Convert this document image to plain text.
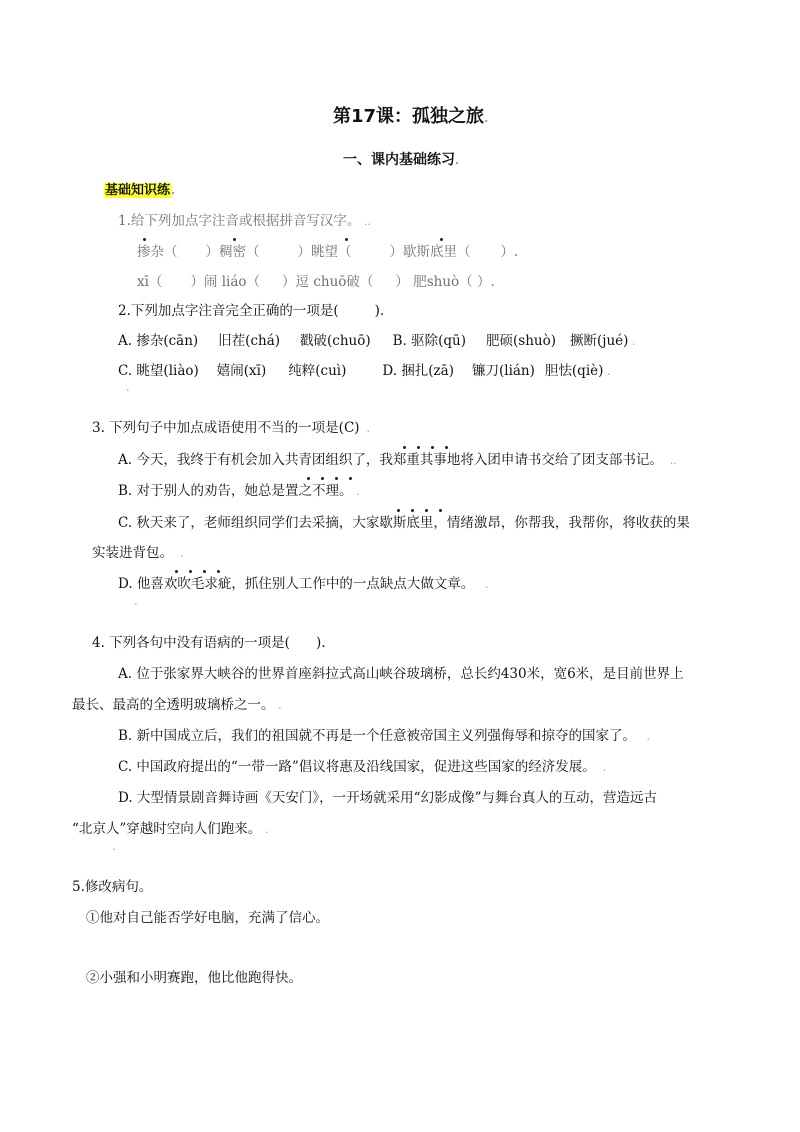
第17课：孤独之旅.
一、课内基础练习.
基础知识练.
1.给下列加点字注音或根据拼音写汉字。 ..
掺杂（ ）稠密（	）眺望（	）歇斯底里（ ）.
xī（ ）闹 liáo（ ）逗 chuō破（ ） 肥shuò（ ）.
2.下列加点字注音完全正确的一项是(	).
A. 掺杂(cān) 旧茬(chá) 戳破(chuō) B. 驱除(qū) 肥硕(shuò) 撅断(jué) .
C. 眺望(liào) 嬉闹(xī) 纯粹(cuì)	D. 捆扎(zā) 镰刀(lián) 胆怯(qiè) .
.
3. 下列句子中加点成语使用不当的一项是(C)  .
A. 今天，我终于有机会加入共青团组织了，我郑重其事地将入团申请书交给了团支部书记。  ..
B. 对于别人的劝告，她总是置之不理。 .
C. 秋天来了，老师组织同学们去采摘，大家歇斯底里，情绪激昂，你帮我，我帮你，将收获的果
实装进背包。  .
D. 他喜欢吹毛求疵，抓住别人工作中的一点缺点大做文章。   .
.
4. 下列各句中没有语病的一项是( ).
A. 位于张家界大峡谷的世界首座斜拉式高山峡谷玻璃桥，总长约430米，宽6米，是目前世界上
最长、最高的全透明玻璃桥之一。 .
B. 新中国成立后，我们的祖国就不再是一个任意被帝国主义列强侮辱和掠夺的国家了。   .
C. 中国政府提出的“一带一路”倡议将惠及沿线国家，促进这些国家的经济发展。  .
D. 大型情景剧音舞诗画《天安门》，一开场就采用“幻影成像”与舞台真人的互动，营造远古
“北京人”穿越时空向人们跑来。 .
.
5.修改病句。
①他对自己能否学好电脑，充满了信心。
②小强和小明赛跑，他比他跑得快。
